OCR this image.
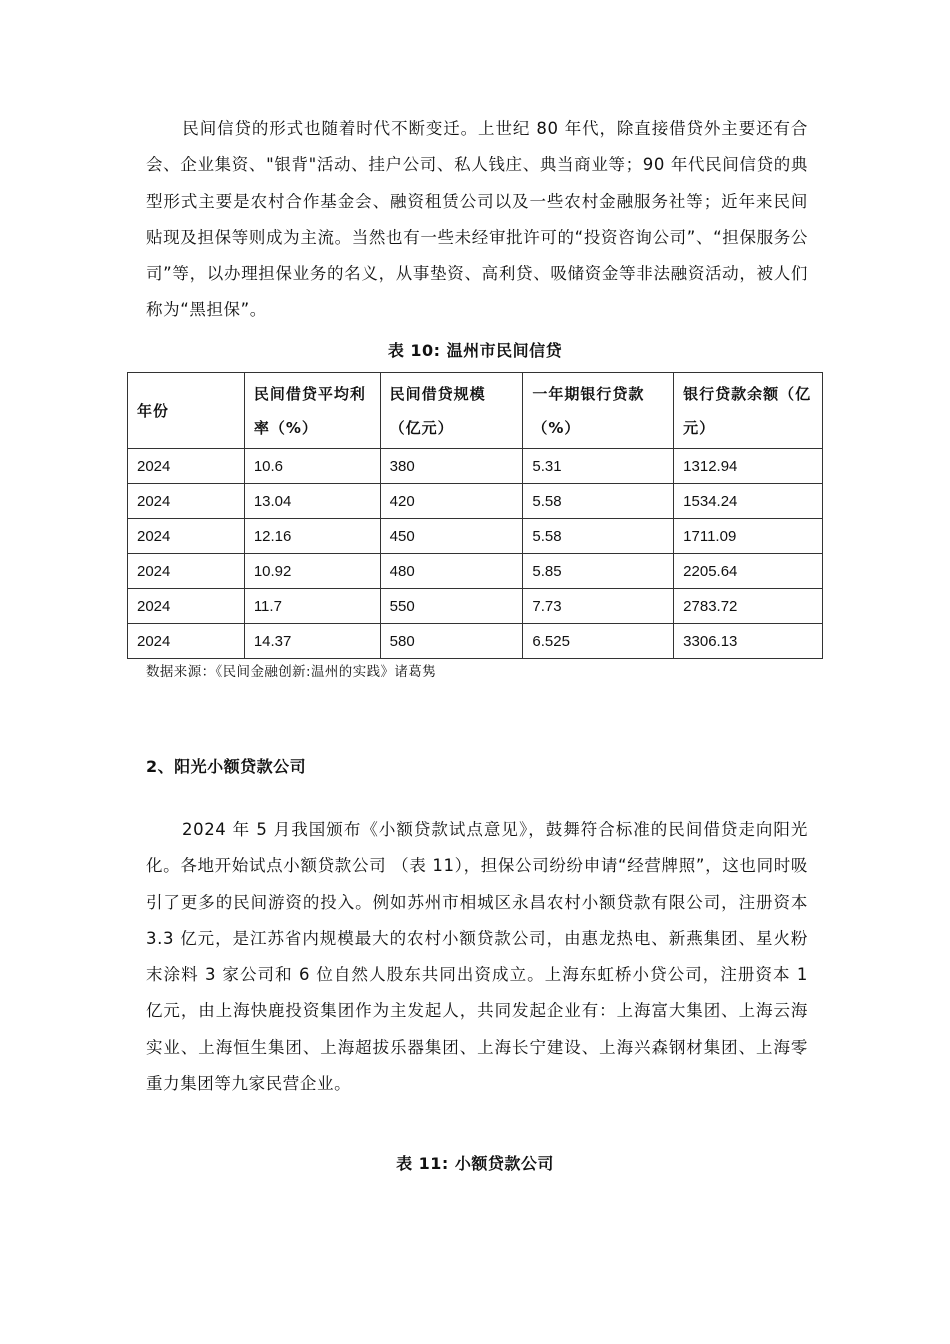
民间信贷的形式也随着时代不断变迁。上世纪 80 年代，除直接借贷外主要还有合会、企业集资、"银背"活动、挂户公司、私人钱庄、典当商业等；90 年代民间信贷的典型形式主要是农村合作基金会、融资租赁公司以及一些农村金融服务社等；近年来民间贴现及担保等则成为主流。当然也有一些未经审批许可的“投资咨询公司”、“担保服务公司”等，以办理担保业务的名义，从事垫资、高利贷、吸储资金等非法融资活动，被人们称为“黑担保”。

表 10: 温州市民间信贷

年份	民间借贷平均利率（%）	民间借贷规模（亿元）	一年期银行贷款（%）	银行贷款余额（亿元）
2024	10.6	380	5.31	1312.94
2024	13.04	420	5.58	1534.24
2024	12.16	450	5.58	1711.09
2024	10.92	480	5.85	2205.64
2024	11.7	550	7.73	2783.72
2024	14.37	580	6.525	3306.13

数据来源：《民间金融创新:温州的实践》诸葛隽

2、阳光小额贷款公司

2024 年 5 月我国颁布《小额贷款试点意见》，鼓舞符合标准的民间借贷走向阳光化。各地开始试点小额贷款公司 （表 11），担保公司纷纷申请“经营牌照”，这也同时吸引了更多的民间游资的投入。例如苏州市相城区永昌农村小额贷款有限公司，注册资本 3.3 亿元，是江苏省内规模最大的农村小额贷款公司，由惠龙热电、新燕集团、星火粉末涂料 3 家公司和 6 位自然人股东共同出资成立。上海东虹桥小贷公司，注册资本 1 亿元，由上海快鹿投资集团作为主发起人，共同发起企业有：上海富大集团、上海云海实业、上海恒生集团、上海超拔乐器集团、上海长宁建设、上海兴森钢材集团、上海零重力集团等九家民营企业。

表 11: 小额贷款公司
